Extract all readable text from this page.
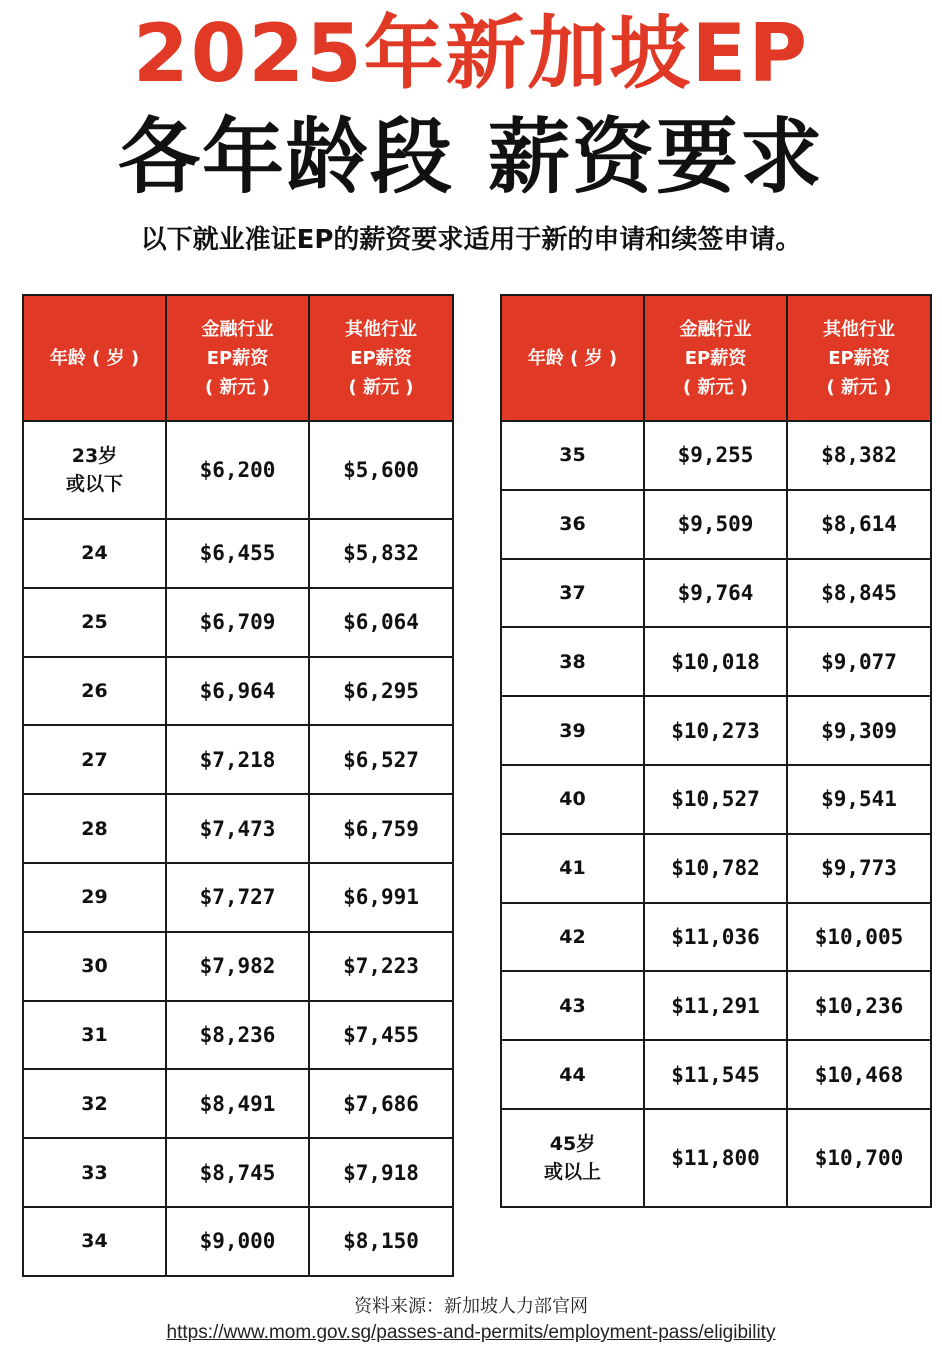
2025年新加坡EP
各年龄段 薪资要求
以下就业准证EP的薪资要求适用于新的申请和续签申请。
年龄 ( 岁 )	金融行业
EP薪资
( 新元 )	其他行业
EP薪资
( 新元 )

23岁
或以下	$6,200	$5,600

24	$6,455	$5,832

25	$6,709	$6,064

26	$6,964	$6,295

27	$7,218	$6,527

28	$7,473	$6,759

29	$7,727	$6,991

30	$7,982	$7,223

31	$8,236	$7,455

32	$8,491	$7,686

33	$8,745	$7,918

34	$9,000	$8,150
年龄 ( 岁 )	金融行业
EP薪资
( 新元 )	其他行业
EP薪资
( 新元 )

35	$9,255	$8,382

36	$9,509	$8,614

37	$9,764	$8,845

38	$10,018	$9,077

39	$10,273	$9,309

40	$10,527	$9,541

41	$10,782	$9,773

42	$11,036	$10,005

43	$11,291	$10,236

44	$11,545	$10,468

45岁
或以上	$11,800	$10,700
资料来源：新加坡人力部官网
https://www.mom.gov.sg/passes-and-permits/employment-pass/eligibility
